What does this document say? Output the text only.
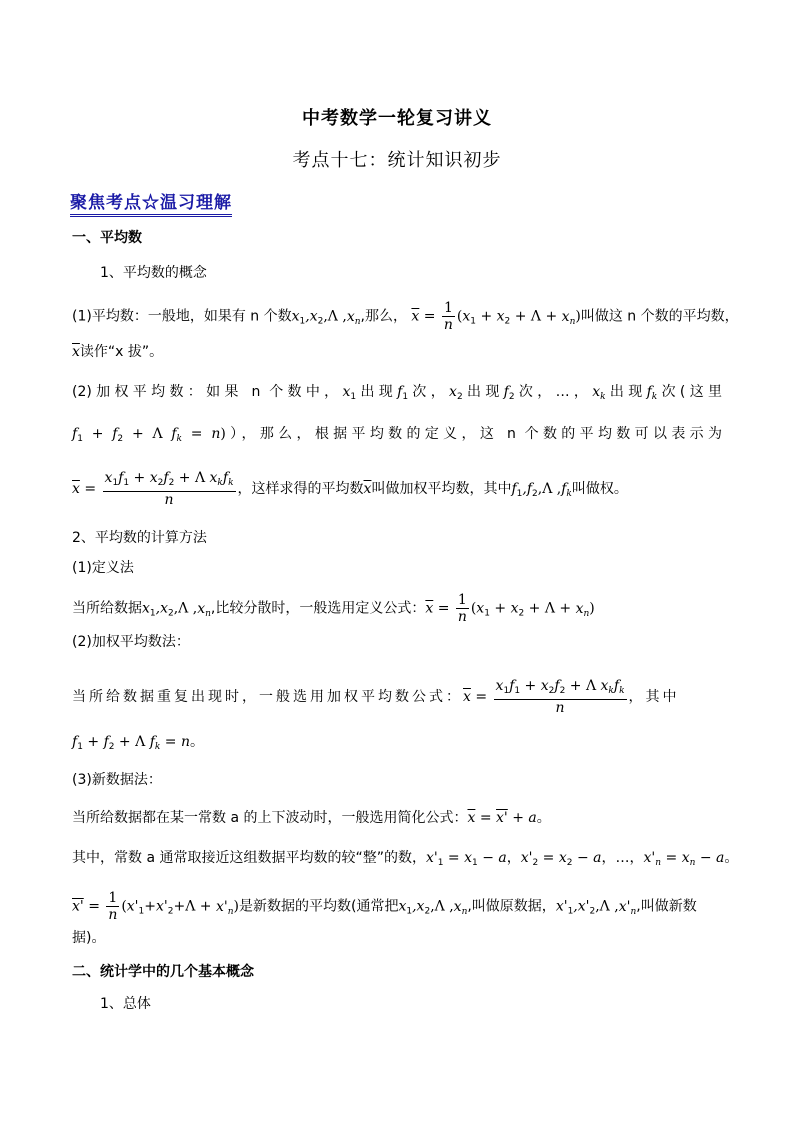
中考数学一轮复习讲义
考点十七：统计知识初步
聚焦考点☆温习理解
一、平均数
1、平均数的概念
(1)平均数：一般地，如果有 n 个数$x_1,x_2,\Lambda$ $,x_n$,那么， $\overline{x} = \frac{1}{n} (x_1 + x_2 + \Lambda + x_n)$叫做这 n 个数的平均数，
$\overline{x}$读作“x 拔”。
(2)加权平均数：如果 n 个数中，$x_1$出现$f_1$次，$x_2$出现$f_2$次，…，$x_k$出现$f_k$次(这里
$f_1 + f_2 + \Lambda$ $f_k = n$)），那么，根据平均数的定义，这 n 个数的平均数可以表示为
$\overline{x} = \frac{x_1f_1 + x_2f_2 + \Lambda x_kf_k}{n}$ ，这样求得的平均数$\overline{x}$叫做加权平均数，其中$f_1,f_2,\Lambda$ $,f_k$叫做权。
2、平均数的计算方法
(1)定义法
当所给数据$x_1,x_2,\Lambda$ $,x_n$,比较分散时，一般选用定义公式：$\overline{x} = \frac{1}{n} (x_1 + x_2 + \Lambda + x_n)$
(2)加权平均数法：
当所给数据重复出现时，一般选用加权平均数公式：$\overline{x} = \frac{x_1f_1 + x_2f_2 + \Lambda x_kf_k}{n}$ ，其中
$f_1 + f_2 + \Lambda$ $f_k = n$。
(3)新数据法：
当所给数据都在某一常数 a 的上下波动时，一般选用简化公式：$\overline{x} = x' + a$。
其中，常数 a 通常取接近这组数据平均数的较“整”的数，$x'_1 = x_1 - a$，$x'_2 = x_2 - a$，…，$x'_n = x_n - a$。
$x' = \frac{1}{n} (x'_1+x'_2+\Lambda + x'_n)$是新数据的平均数(通常把$x_1,x_2,\Lambda$ $,x_n$,叫做原数据，$x'_1,x'_2,\Lambda$ $,x'_n$,叫做新数
据)。
二、统计学中的几个基本概念
1、总体
